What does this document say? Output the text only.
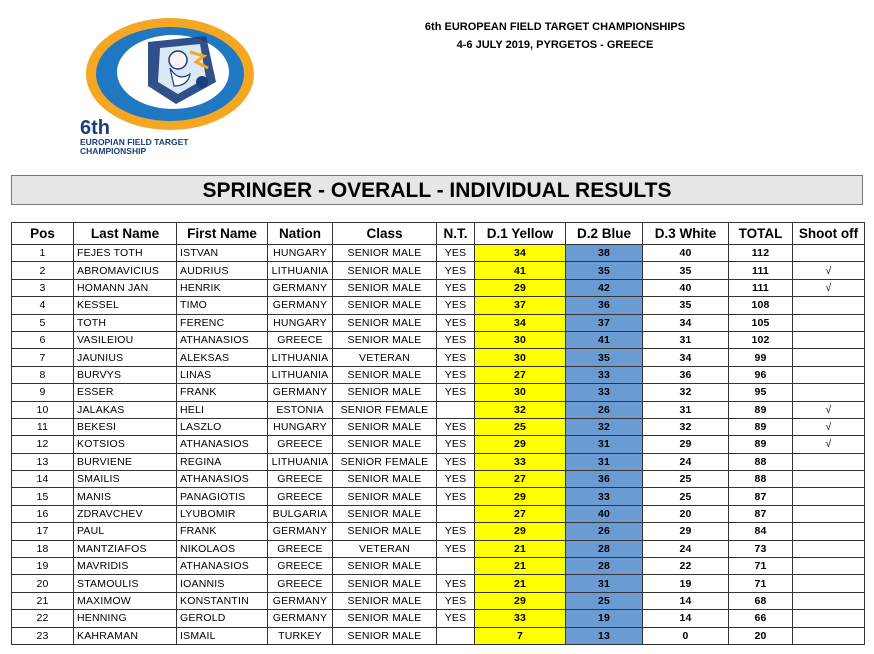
6th
EUROPIAN FIELD TARGET
CHAMPIONSHIP
6th EUROPEAN FIELD TARGET CHAMPIONSHIPS
4-6 JULY 2019, PYRGETOS - GREECE
SPRINGER - OVERALL - INDIVIDUAL RESULTS
Pos	Last Name	First Name	Nation	Class	N.T.	D.1 Yellow	D.2 Blue	D.3 White	TOTAL	Shoot off
1	FEJES TOTH	ISTVAN	HUNGARY	SENIOR MALE	YES	34	38	40	112	
2	ABROMAVICIUS	AUDRIUS	LITHUANIA	SENIOR MALE	YES	41	35	35	111	√
3	HOMANN JAN	HENRIK	GERMANY	SENIOR MALE	YES	29	42	40	111	√
4	KESSEL	TIMO	GERMANY	SENIOR MALE	YES	37	36	35	108	
5	TOTH	FERENC	HUNGARY	SENIOR MALE	YES	34	37	34	105	
6	VASILEIOU	ATHANASIOS	GREECE	SENIOR MALE	YES	30	41	31	102	
7	JAUNIUS	ALEKSAS	LITHUANIA	VETERAN	YES	30	35	34	99	
8	BURVYS	LINAS	LITHUANIA	SENIOR MALE	YES	27	33	36	96	
9	ESSER	FRANK	GERMANY	SENIOR MALE	YES	30	33	32	95	
10	JALAKAS	HELI	ESTONIA	SENIOR FEMALE		32	26	31	89	√
11	BEKESI	LASZLO	HUNGARY	SENIOR MALE	YES	25	32	32	89	√
12	KOTSIOS	ATHANASIOS	GREECE	SENIOR MALE	YES	29	31	29	89	√
13	BURVIENE	REGINA	LITHUANIA	SENIOR FEMALE	YES	33	31	24	88	
14	SMAILIS	ATHANASIOS	GREECE	SENIOR MALE	YES	27	36	25	88	
15	MANIS	PANAGIOTIS	GREECE	SENIOR MALE	YES	29	33	25	87	
16	ZDRAVCHEV	LYUBOMIR	BULGARIA	SENIOR MALE		27	40	20	87	
17	PAUL	FRANK	GERMANY	SENIOR MALE	YES	29	26	29	84	
18	MANTZIAFOS	NIKOLAOS	GREECE	VETERAN	YES	21	28	24	73	
19	MAVRIDIS	ATHANASIOS	GREECE	SENIOR MALE		21	28	22	71	
20	STAMOULIS	IOANNIS	GREECE	SENIOR MALE	YES	21	31	19	71	
21	MAXIMOW	KONSTANTIN	GERMANY	SENIOR MALE	YES	29	25	14	68	
22	HENNING	GEROLD	GERMANY	SENIOR MALE	YES	33	19	14	66	
23	KAHRAMAN	ISMAIL	TURKEY	SENIOR MALE		7	13	0	20	
